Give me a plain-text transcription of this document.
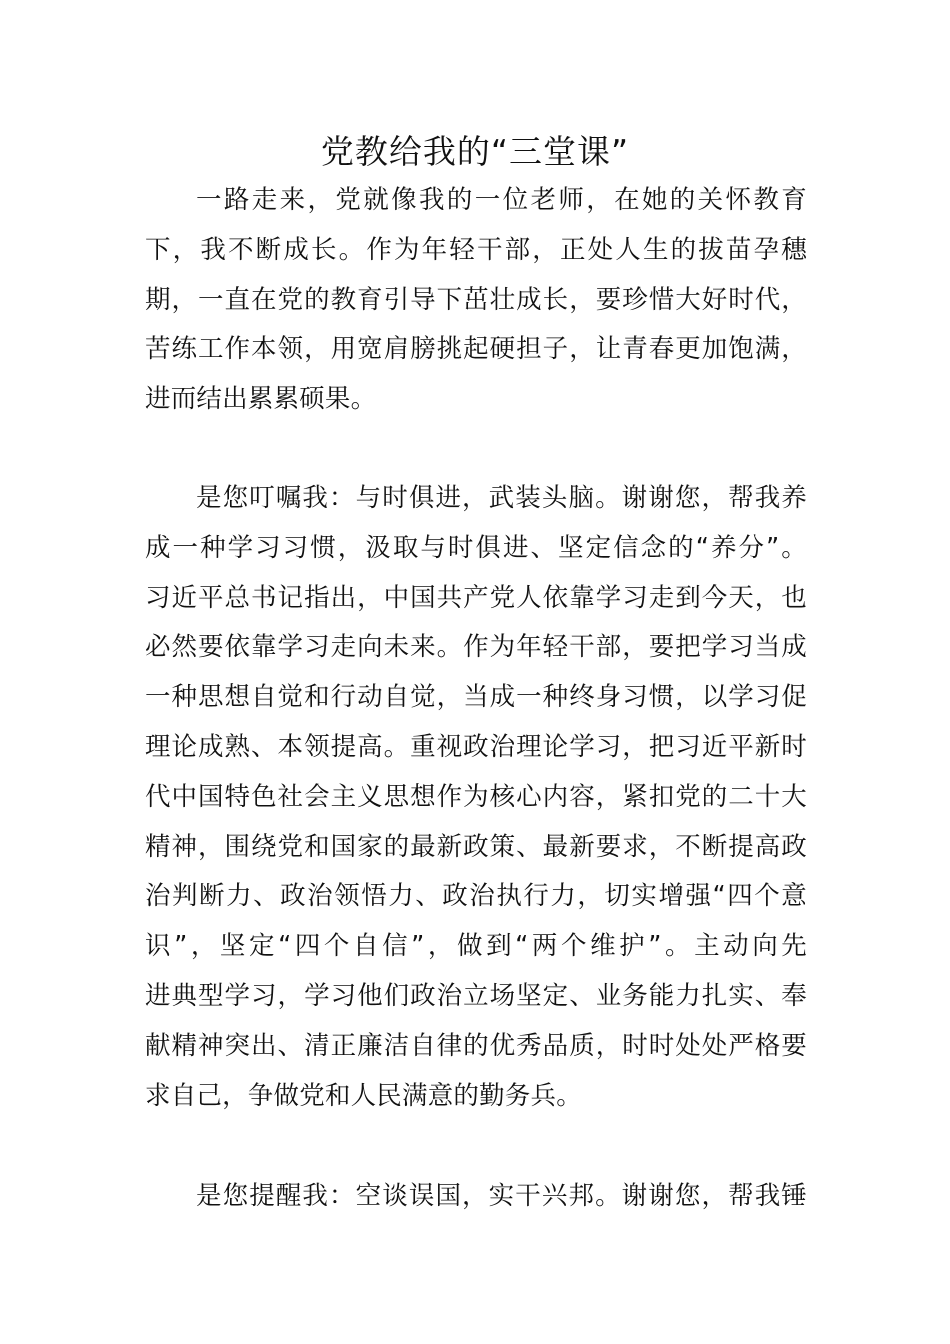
党教给我的“三堂课”
一路走来，党就像我的一位老师，在她的关怀教育
下，我不断成长。作为年轻干部，正处人生的拔苗孕穗
期，一直在党的教育引导下茁壮成长，要珍惜大好时代，
苦练工作本领，用宽肩膀挑起硬担子，让青春更加饱满，
进而结出累累硕果。
是您叮嘱我：与时俱进，武装头脑。谢谢您，帮我养
成一种学习习惯，汲取与时俱进、坚定信念的“养分”。
习近平总书记指出，中国共产党人依靠学习走到今天，也
必然要依靠学习走向未来。作为年轻干部，要把学习当成
一种思想自觉和行动自觉，当成一种终身习惯，以学习促
理论成熟、本领提高。重视政治理论学习，把习近平新时
代中国特色社会主义思想作为核心内容，紧扣党的二十大
精神，围绕党和国家的最新政策、最新要求，不断提高政
治判断力、政治领悟力、政治执行力，切实增强“四个意
识”，坚定“四个自信”，做到“两个维护”。主动向先
进典型学习，学习他们政治立场坚定、业务能力扎实、奉
献精神突出、清正廉洁自律的优秀品质，时时处处严格要
求自己，争做党和人民满意的勤务兵。
是您提醒我：空谈误国，实干兴邦。谢谢您，帮我锤
